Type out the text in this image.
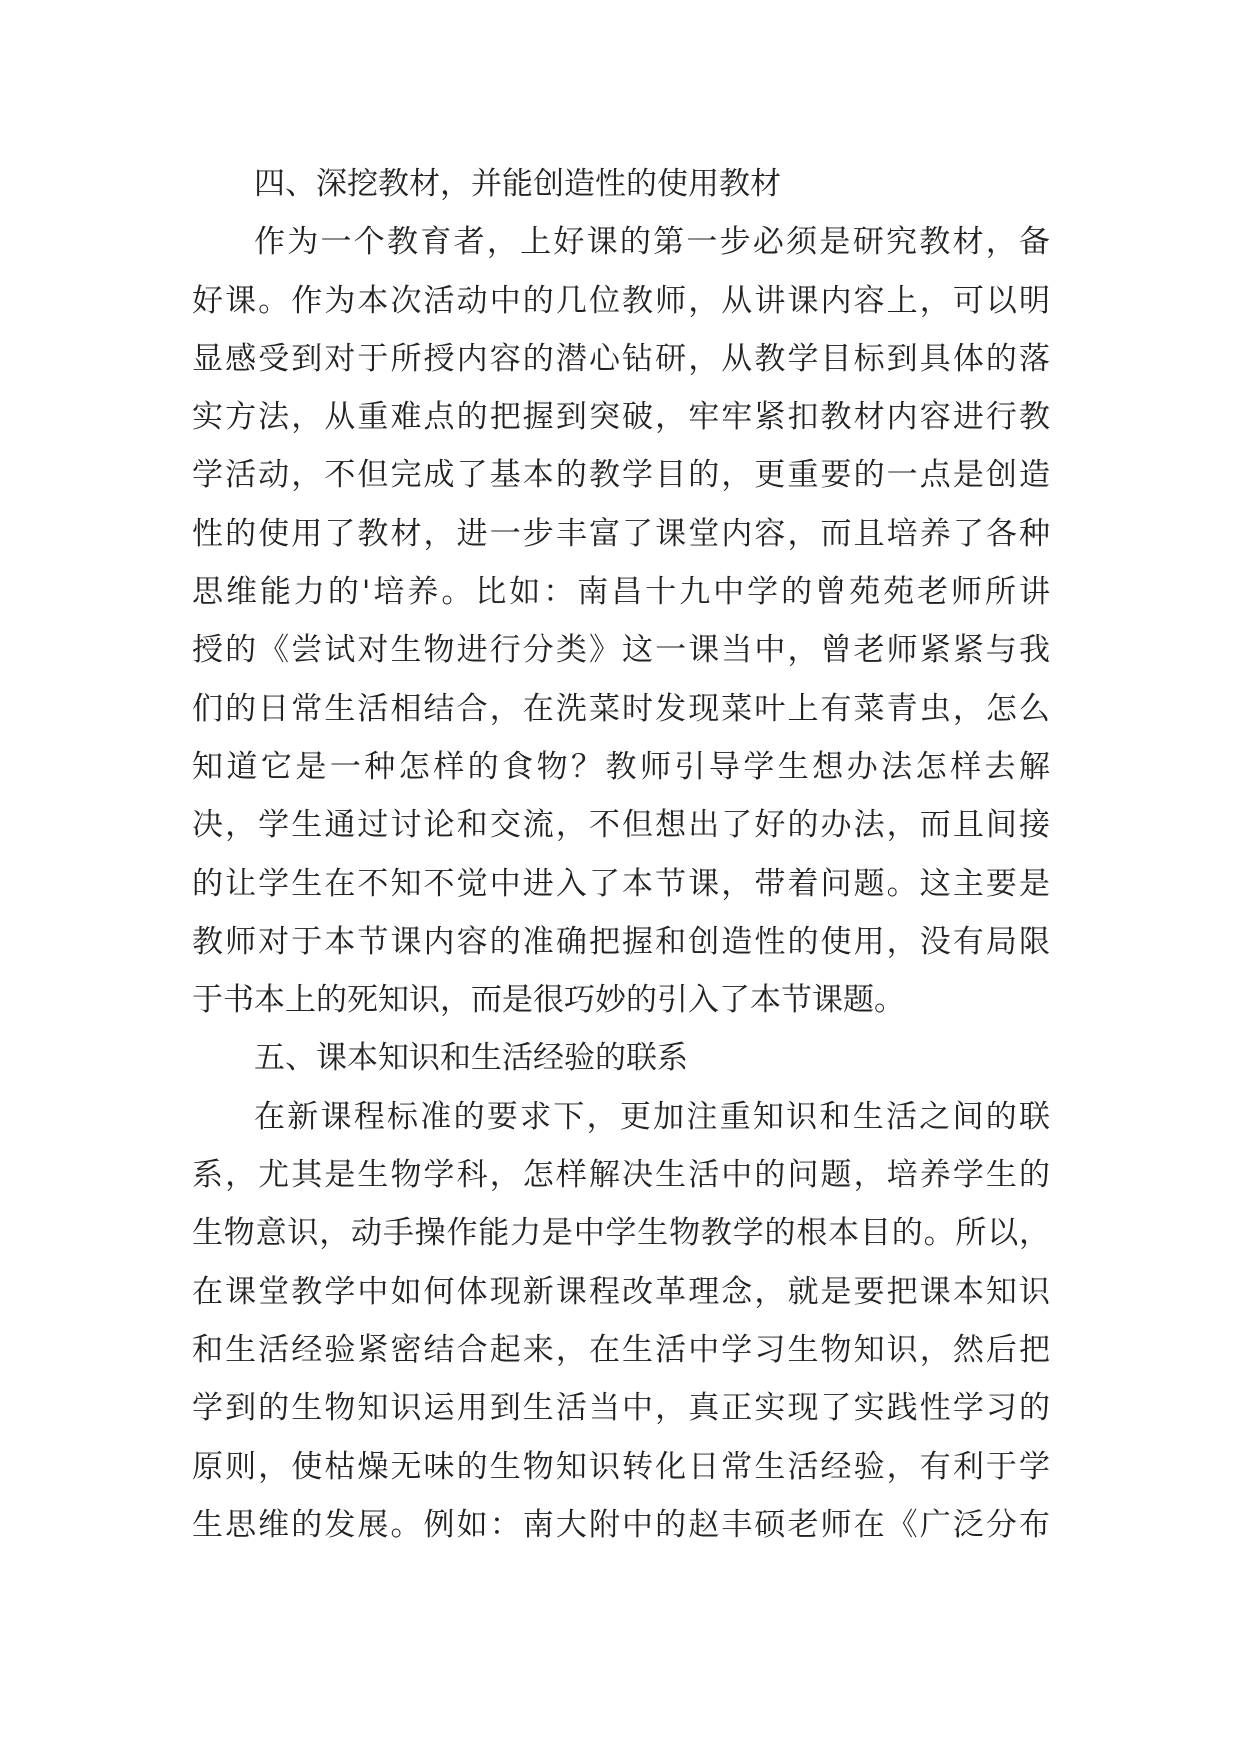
四、深挖教材，并能创造性的使用教材
作为一个教育者，上好课的第一步必须是研究教材，备
好课。作为本次活动中的几位教师，从讲课内容上，可以明
显感受到对于所授内容的潜心钻研，从教学目标到具体的落
实方法，从重难点的把握到突破，牢牢紧扣教材内容进行教
学活动，不但完成了基本的教学目的，更重要的一点是创造
性的使用了教材，进一步丰富了课堂内容，而且培养了各种
思维能力的'培养。比如：南昌十九中学的曾苑苑老师所讲
授的《尝试对生物进行分类》这一课当中，曾老师紧紧与我
们的日常生活相结合，在洗菜时发现菜叶上有菜青虫，怎么
知道它是一种怎样的食物？教师引导学生想办法怎样去解
决，学生通过讨论和交流，不但想出了好的办法，而且间接
的让学生在不知不觉中进入了本节课，带着问题。这主要是
教师对于本节课内容的准确把握和创造性的使用，没有局限
于书本上的死知识，而是很巧妙的引入了本节课题。
五、课本知识和生活经验的联系
在新课程标准的要求下，更加注重知识和生活之间的联
系，尤其是生物学科，怎样解决生活中的问题，培养学生的
生物意识，动手操作能力是中学生物教学的根本目的。所以，
在课堂教学中如何体现新课程改革理念，就是要把课本知识
和生活经验紧密结合起来，在生活中学习生物知识，然后把
学到的生物知识运用到生活当中，真正实现了实践性学习的
原则，使枯燥无味的生物知识转化日常生活经验，有利于学
生思维的发展。例如：南大附中的赵丰硕老师在《广泛分布
